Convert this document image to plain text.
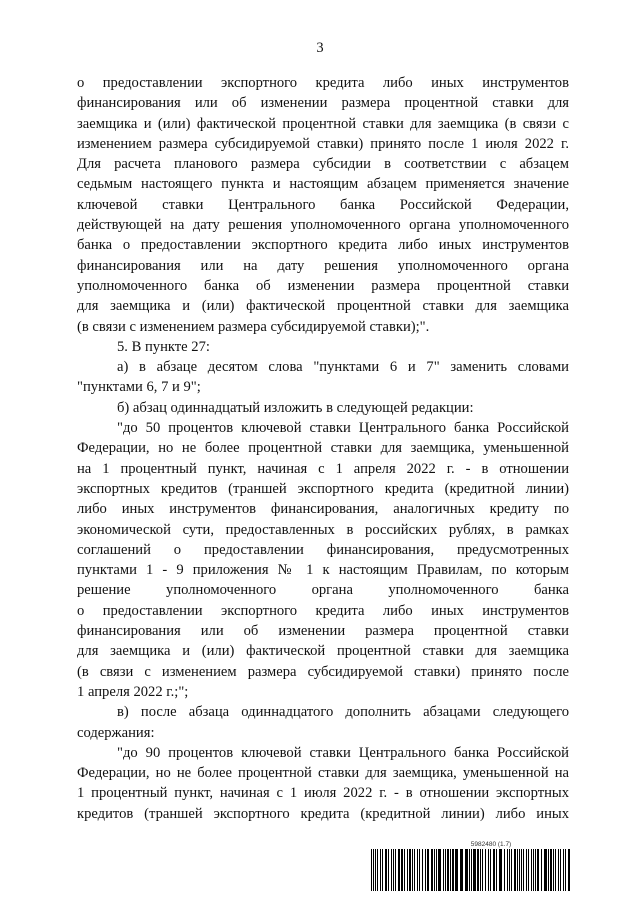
3
о предоставлении экспортного кредита либо иных инструментов
финансирования или об изменении размера процентной ставки для
заемщика и (или) фактической процентной ставки для заемщика (в связи с
изменением размера субсидируемой ставки) принято после 1 июля 2022 г.
Для расчета планового размера субсидии в соответствии с абзацем
седьмым настоящего пункта и настоящим абзацем применяется значение
ключевой ставки Центрального банка Российской Федерации,
действующей на дату решения уполномоченного органа уполномоченного
банка о предоставлении экспортного кредита либо иных инструментов
финансирования или на дату решения уполномоченного органа
уполномоченного банка об изменении размера процентной ставки
для заемщика и (или) фактической процентной ставки для заемщика
(в связи с изменением размера субсидируемой ставки);".
5. В пункте 27:
а) в абзаце десятом слова "пунктами 6 и 7" заменить словами
"пунктами 6, 7 и 9";
б) абзац одиннадцатый изложить в следующей редакции:
"до 50 процентов ключевой ставки Центрального банка Российской
Федерации, но не более процентной ставки для заемщика, уменьшенной
на 1 процентный пункт, начиная с 1 апреля 2022 г. - в отношении
экспортных кредитов (траншей экспортного кредита (кредитной линии)
либо иных инструментов финансирования, аналогичных кредиту по
экономической сути, предоставленных в российских рублях, в рамках
соглашений о предоставлении финансирования, предусмотренных
пунктами 1 - 9 приложения № 1 к настоящим Правилам, по которым
решение уполномоченного органа уполномоченного банка
о предоставлении экспортного кредита либо иных инструментов
финансирования или об изменении размера процентной ставки
для заемщика и (или) фактической процентной ставки для заемщика
(в связи с изменением размера субсидируемой ставки) принято после
1 апреля 2022 г.;";
в) после абзаца одиннадцатого дополнить абзацами следующего
содержания:
"до 90 процентов ключевой ставки Центрального банка Российской
Федерации, но не более процентной ставки для заемщика, уменьшенной на
1 процентный пункт, начиная с 1 июля 2022 г. - в отношении экспортных
кредитов (траншей экспортного кредита (кредитной линии) либо иных
5982480 (1.7)
